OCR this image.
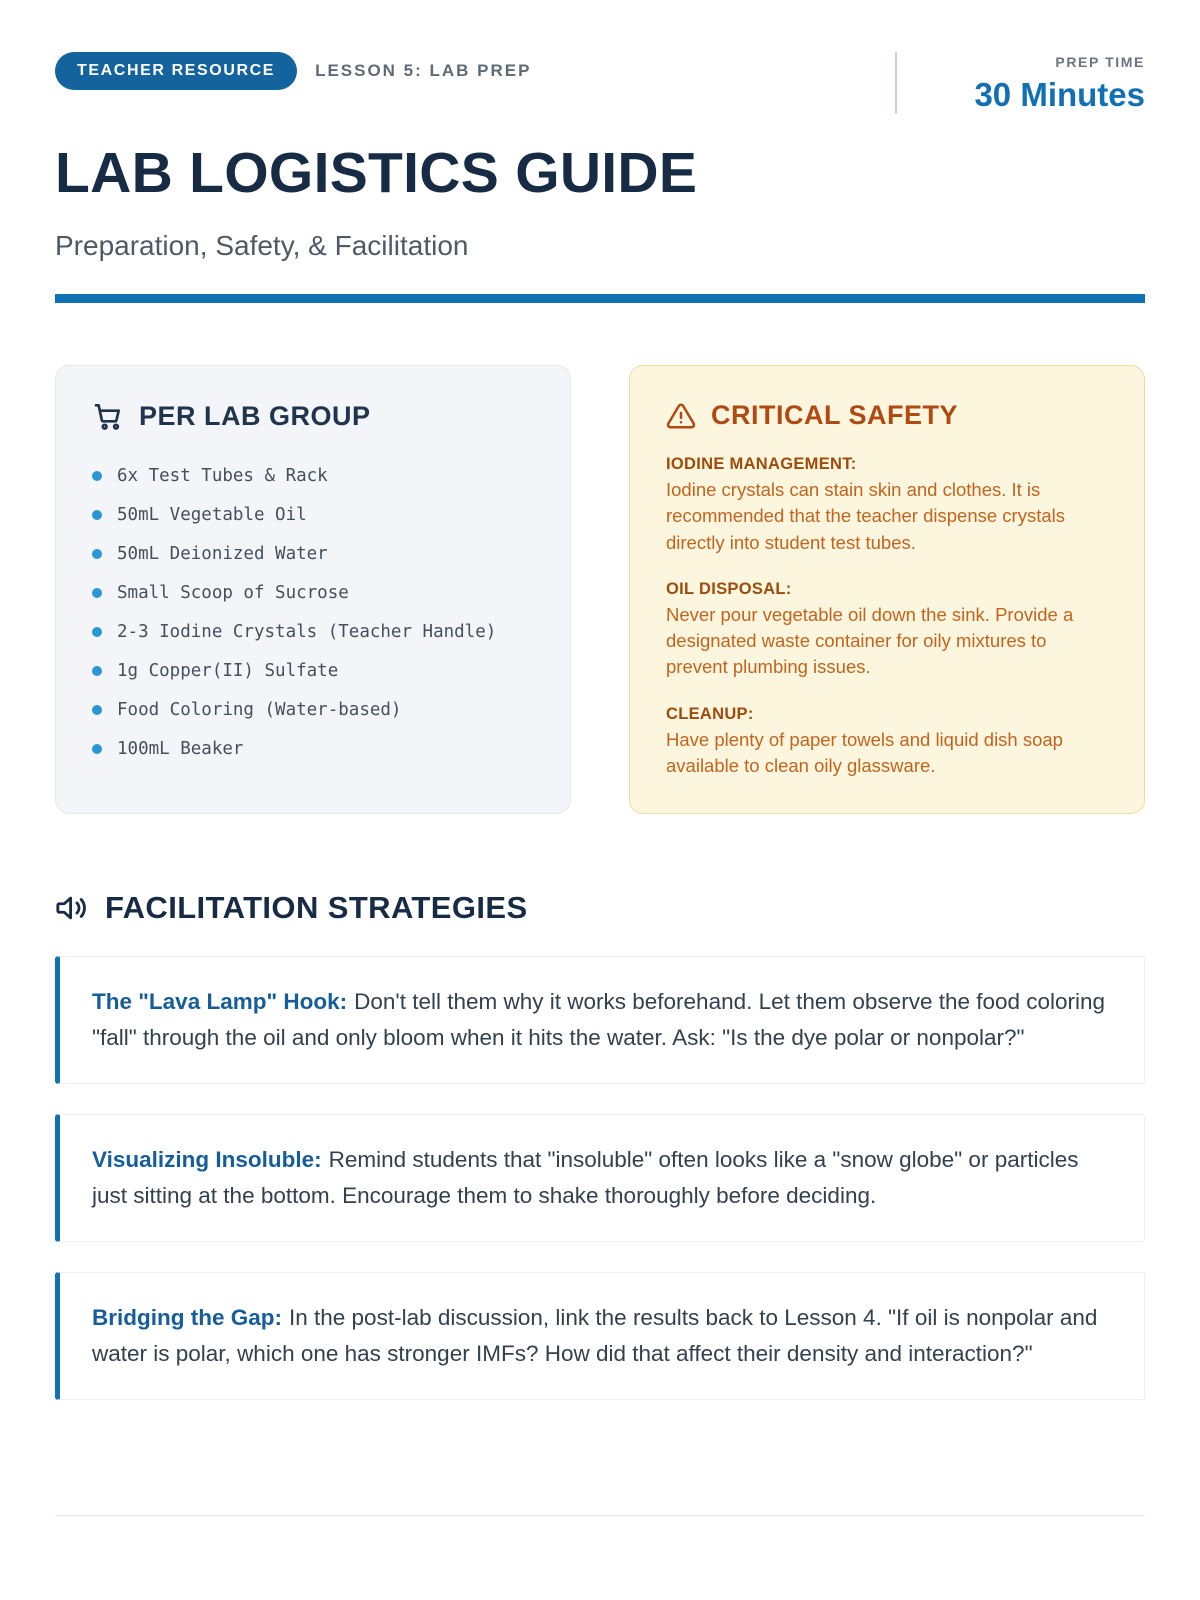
TEACHER RESOURCE	LESSON 5: LAB PREP	PREP TIME
30 Minutes
LAB LOGISTICS GUIDE
Preparation, Safety, & Facilitation
PER LAB GROUP
6x Test Tubes & Rack
50mL Vegetable Oil
50mL Deionized Water
Small Scoop of Sucrose
2-3 Iodine Crystals (Teacher Handle)
1g Copper(II) Sulfate
Food Coloring (Water-based)
100mL Beaker
CRITICAL SAFETY
IODINE MANAGEMENT:
Iodine crystals can stain skin and clothes. It is recommended that the teacher dispense crystals directly into student test tubes.
OIL DISPOSAL:
Never pour vegetable oil down the sink. Provide a designated waste container for oily mixtures to prevent plumbing issues.
CLEANUP:
Have plenty of paper towels and liquid dish soap available to clean oily glassware.
FACILITATION STRATEGIES

The "Lava Lamp" Hook: Don't tell them why it works beforehand. Let them observe the food coloring "fall" through the oil and only bloom when it hits the water. Ask: "Is the dye polar or nonpolar?"

Visualizing Insoluble: Remind students that "insoluble" often looks like a "snow globe" or particles just sitting at the bottom. Encourage them to shake thoroughly before deciding.

Bridging the Gap: In the post-lab discussion, link the results back to Lesson 4. "If oil is nonpolar and water is polar, which one has stronger IMFs? How did that affect their density and interaction?"
